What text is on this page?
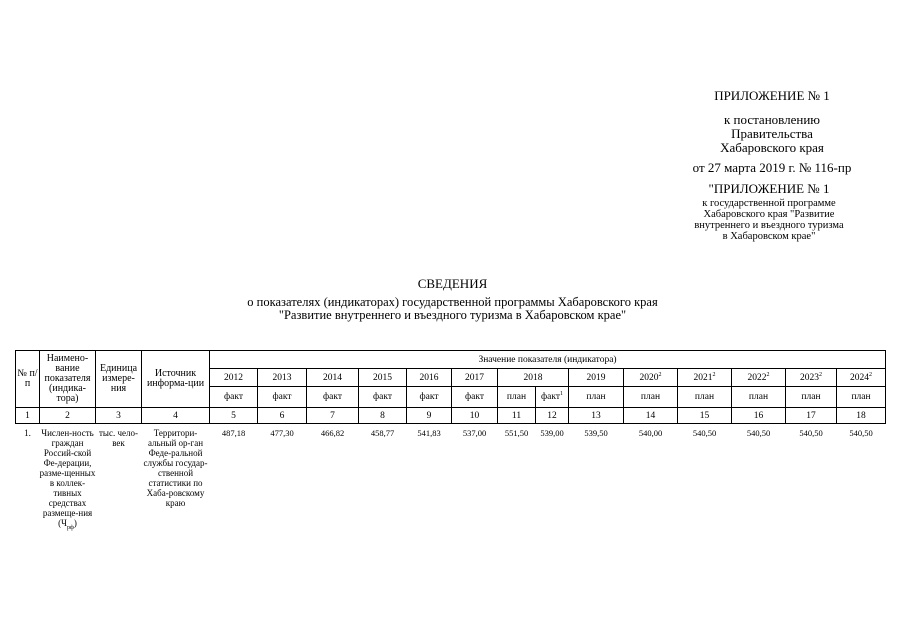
ПРИЛОЖЕНИЕ № 1
к постановлению
Правительства
Хабаровского края
от 27 марта 2019 г. № 116-пр
"ПРИЛОЖЕНИЕ № 1
к государственной программе
Хабаровского края "Развитие
внутреннего и въездного туризма
в Хабаровском крае"
СВЕДЕНИЯ
о показателях (индикаторах) государственной программы Хабаровского края
"Развитие внутреннего и въездного туризма в Хабаровском крае"
№ п/п	Наимено-вание показателя (индика-тора)	Единица измере-ния	Источник информа-ции	Значение показателя (индикатора)													
				2012	2013	2014	2015	2016	2017	2018		2019	2020$^2$	2021$^2$	2022$^2$	2023$^2$	2024$^2$
				факт	факт	факт	факт	факт	факт	план	факт$^1$	план	план	план	план	план	план
1	2	3	4	5	6	7	8	9	10	11	12	13	14	15	16	17	18
1.	Числен-ность граждан Россий-ской Фе-дерации, разме-щенных в коллек-тивных средствах размеще-ния $(Ч_{рф})$	тыс. чело-век	Территори-альный ор-ган Феде-ральной службы государ-ственной статистики по Хаба-ровскому краю	487,18	477,30	466,82	458,77	541,83	537,00	551,50	539,00	539,50	540,00	540,50	540,50	540,50	540,50
